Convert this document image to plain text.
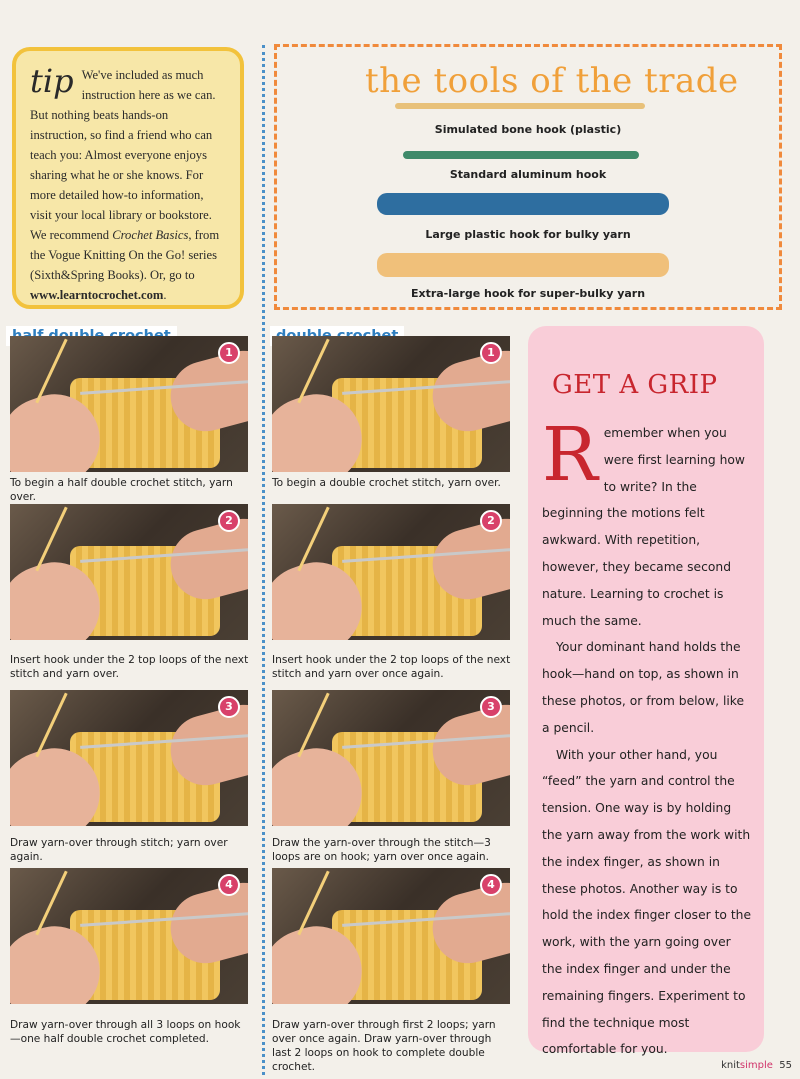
tip We've included as much instruction here as we can. But nothing beats hands-on instruction, so find a friend who can teach you: Almost everyone enjoys sharing what he or she knows. For more detailed how-to information, visit your local library or bookstore. We recommend Crochet Basics, from the Vogue Knitting On the Go! series (Sixth&Spring Books). Or, go to www.learntocrochet.com.
the tools of the trade
Simulated bone hook (plastic)
Standard aluminum hook
Large plastic hook for bulky yarn
Extra-large hook for super-bulky yarn
1
To begin a half double crochet stitch, yarn over.
2
Insert hook under the 2 top loops of the next stitch and yarn over.
3
Draw yarn-over through stitch; yarn over again.
4
Draw yarn-over through all 3 loops on hook—one half double crochet completed.
1
To begin a double crochet stitch, yarn over.
2
Insert hook under the 2 top loops of the next stitch and yarn over once again.
3
Draw the yarn-over through the stitch—3 loops are on hook; yarn over once again.
4
Draw yarn-over through first 2 loops; yarn over once again. Draw yarn-over through last 2 loops on hook to complete double crochet.
GET A GRIP

Remember when you were first learning how to write? In the beginning the motions felt awkward. With repetition, however, they became second nature. Learning to crochet is much the same.

Your dominant hand holds the hook—hand on top, as shown in these photos, or from below, like a pencil.

With your other hand, you “feed” the yarn and control the tension. One way is by holding the yarn away from the work with the index finger, as shown in these photos. Another way is to hold the index finger closer to the work, with the yarn going over the index finger and under the remaining fingers. Experiment to find the technique most comfortable for you.

knitsimple 55
